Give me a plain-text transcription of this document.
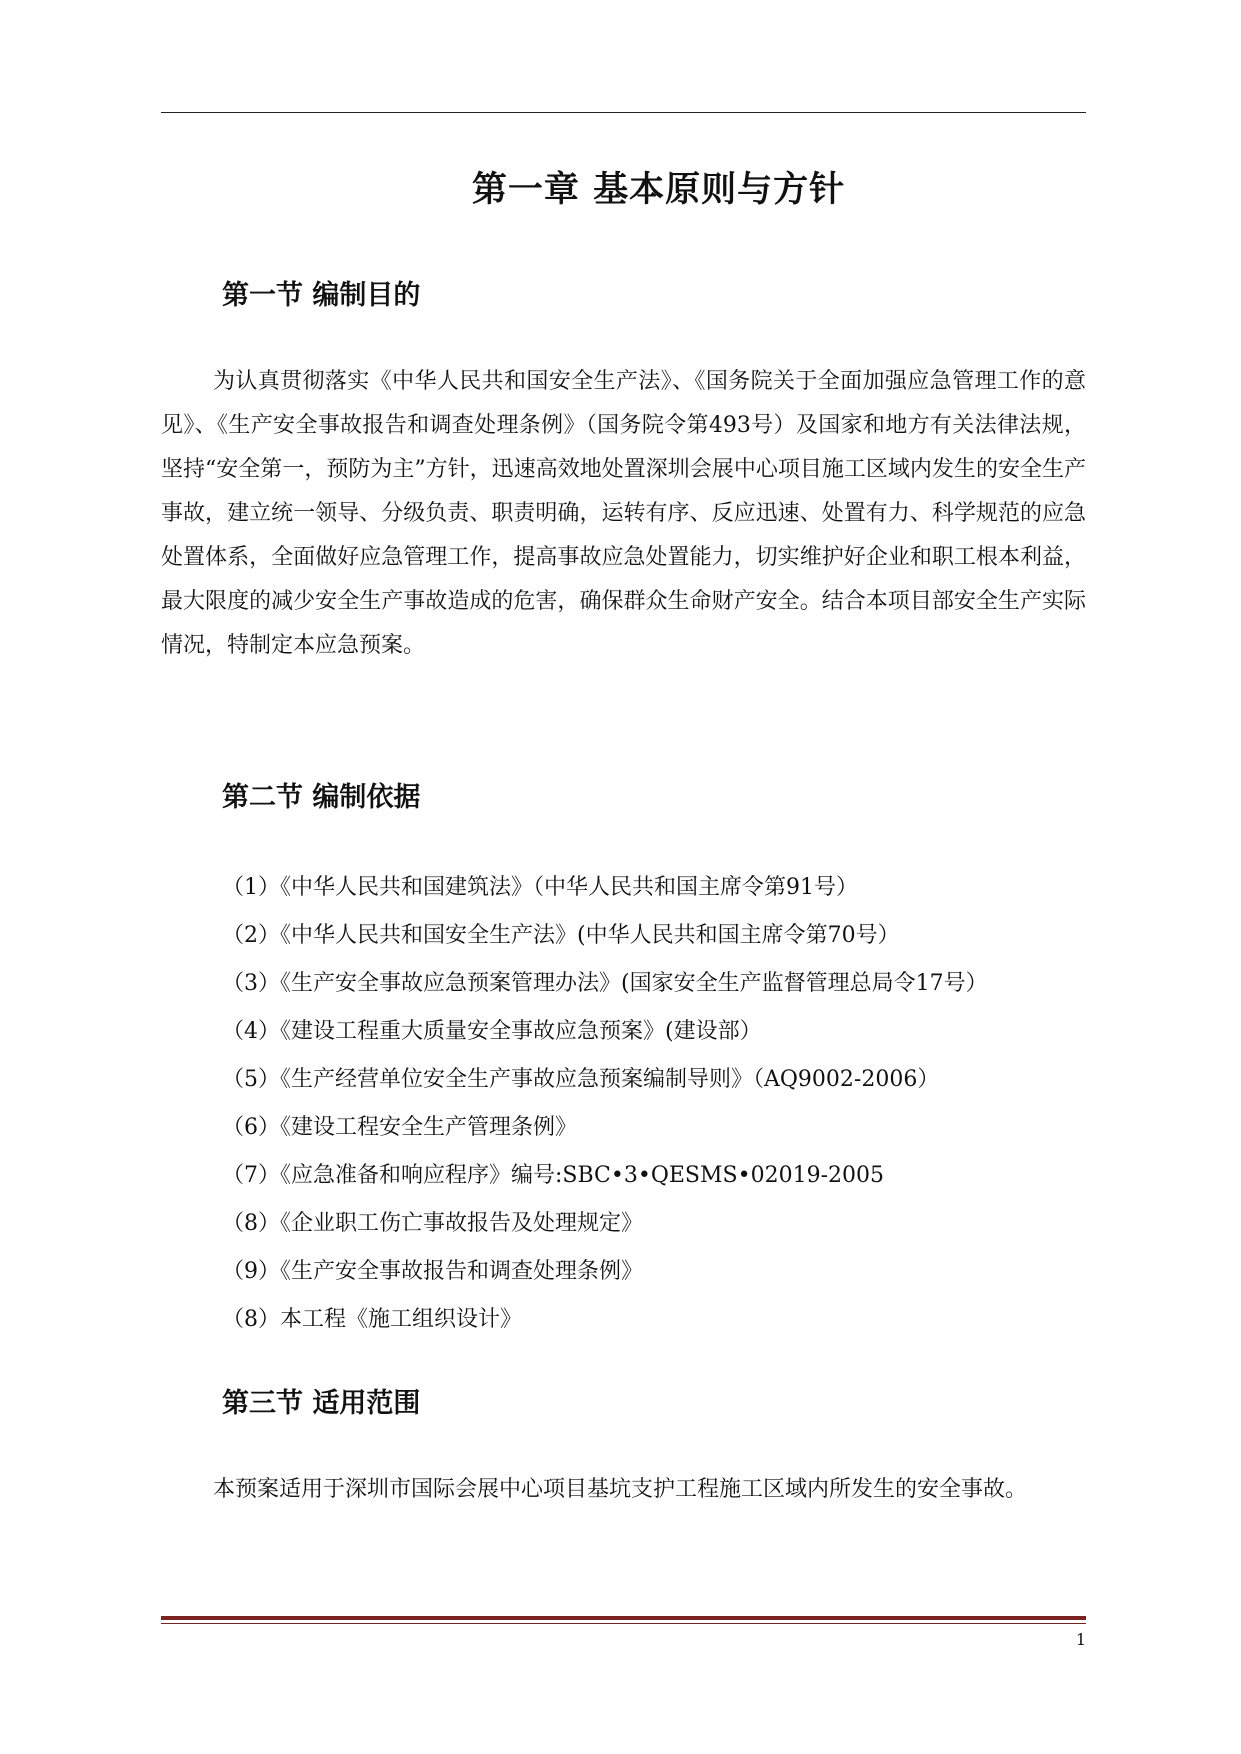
第一章 基本原则与方针
第一节 编制目的

为认真贯彻落实《中华人民共和国安全生产法》、《国务院关于全面加强应急管理工作的意见》、《生产安全事故报告和调查处理条例》（国务院令第493号）及国家和地方有关法律法规，坚持“安全第一，预防为主”方针，迅速高效地处置深圳会展中心项目施工区域内发生的安全生产事故，建立统一领导、分级负责、职责明确，运转有序、反应迅速、处置有力、科学规范的应急处置体系，全面做好应急管理工作，提高事故应急处置能力，切实维护好企业和职工根本利益，最大限度的减少安全生产事故造成的危害，确保群众生命财产安全。结合本项目部安全生产实际情况，特制定本应急预案。

第二节 编制依据
（1）《中华人民共和国建筑法》（中华人民共和国主席令第91号）
（2）《中华人民共和国安全生产法》(中华人民共和国主席令第70号）
（3）《生产安全事故应急预案管理办法》(国家安全生产监督管理总局令17号）
（4）《建设工程重大质量安全事故应急预案》(建设部）
（5）《生产经营单位安全生产事故应急预案编制导则》（AQ9002-2006）
（6）《建设工程安全生产管理条例》
（7）《应急准备和响应程序》编号:SBC•3•QESMS•02019-2005
（8）《企业职工伤亡事故报告及处理规定》
（9）《生产安全事故报告和调查处理条例》
（8）本工程《施工组织设计》
第三节 适用范围

本预案适用于深圳市国际会展中心项目基坑支护工程施工区域内所发生的安全事故。

1
